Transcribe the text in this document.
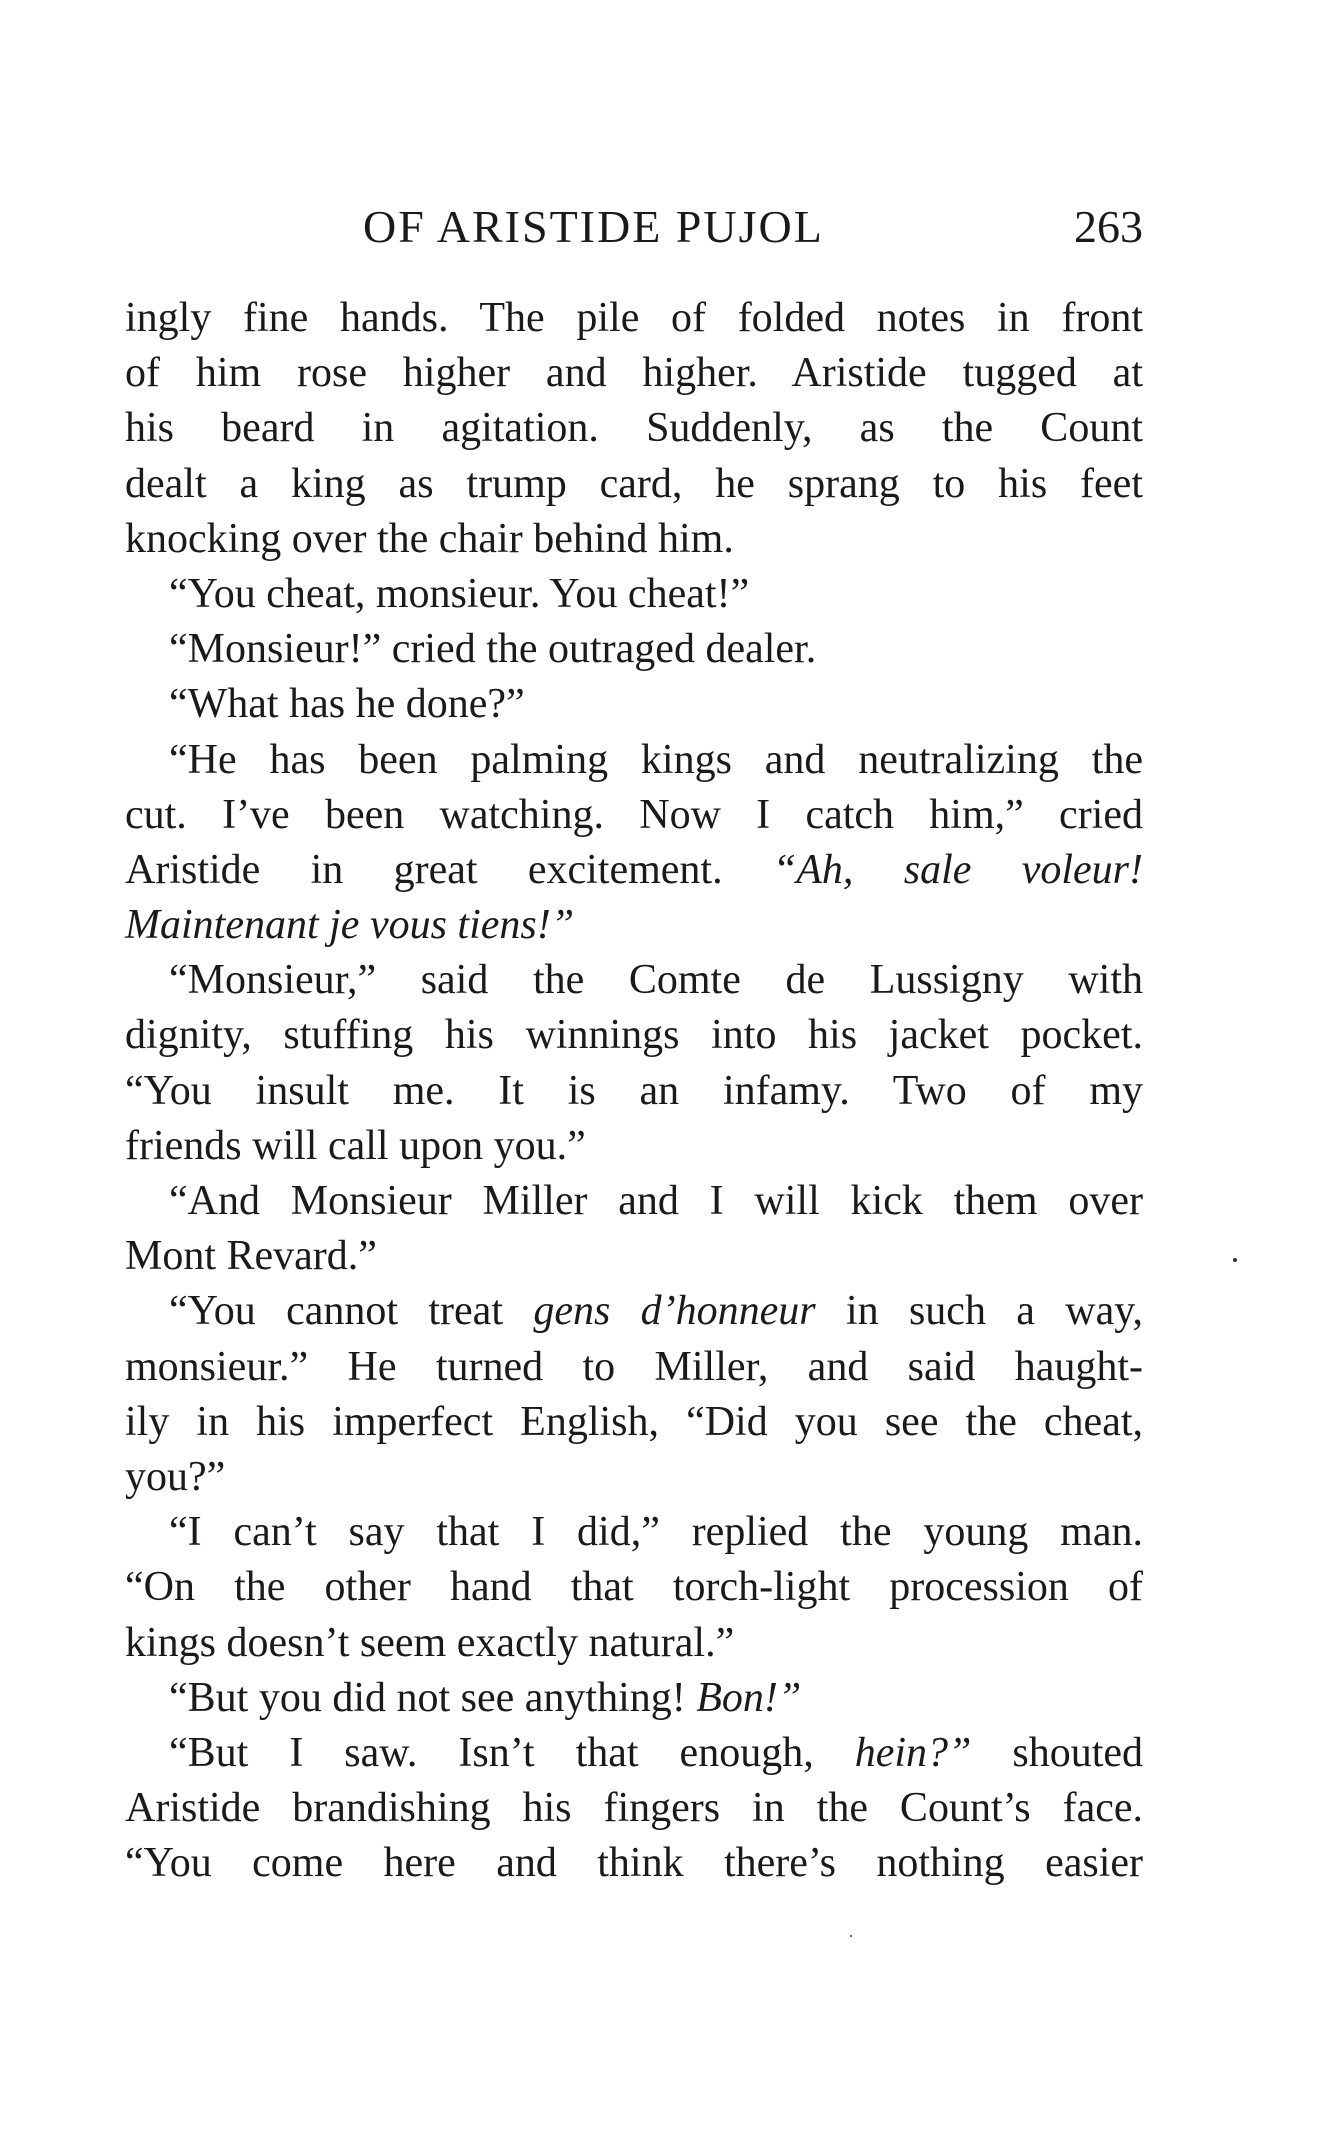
OF ARISTIDE PUJOL	263
ingly fine hands. The pile of folded notes in front
of him rose higher and higher. Aristide tugged at
his beard in agitation. Suddenly, as the Count
dealt a king as trump card, he sprang to his feet
knocking over the chair behind him.
“You cheat, monsieur. You cheat!”
“Monsieur!” cried the outraged dealer.
“What has he done?”
“He has been palming kings and neutralizing the
cut. I’ve been watching. Now I catch him,” cried
Aristide in great excitement. “Ah, sale voleur!
Maintenant je vous tiens!”
“Monsieur,” said the Comte de Lussigny with
dignity, stuffing his winnings into his jacket pocket.
“You insult me. It is an infamy. Two of my
friends will call upon you.”
“And Monsieur Miller and I will kick them over
Mont Revard.”
“You cannot treat gens d’honneur in such a way,
monsieur.” He turned to Miller, and said haught-
ily in his imperfect English, “Did you see the cheat,
you?”
“I can’t say that I did,” replied the young man.
“On the other hand that torch-light procession of
kings doesn’t seem exactly natural.”
“But you did not see anything! Bon!”
“But I saw. Isn’t that enough, hein?” shouted
Aristide brandishing his fingers in the Count’s face.
“You come here and think there’s nothing easier
